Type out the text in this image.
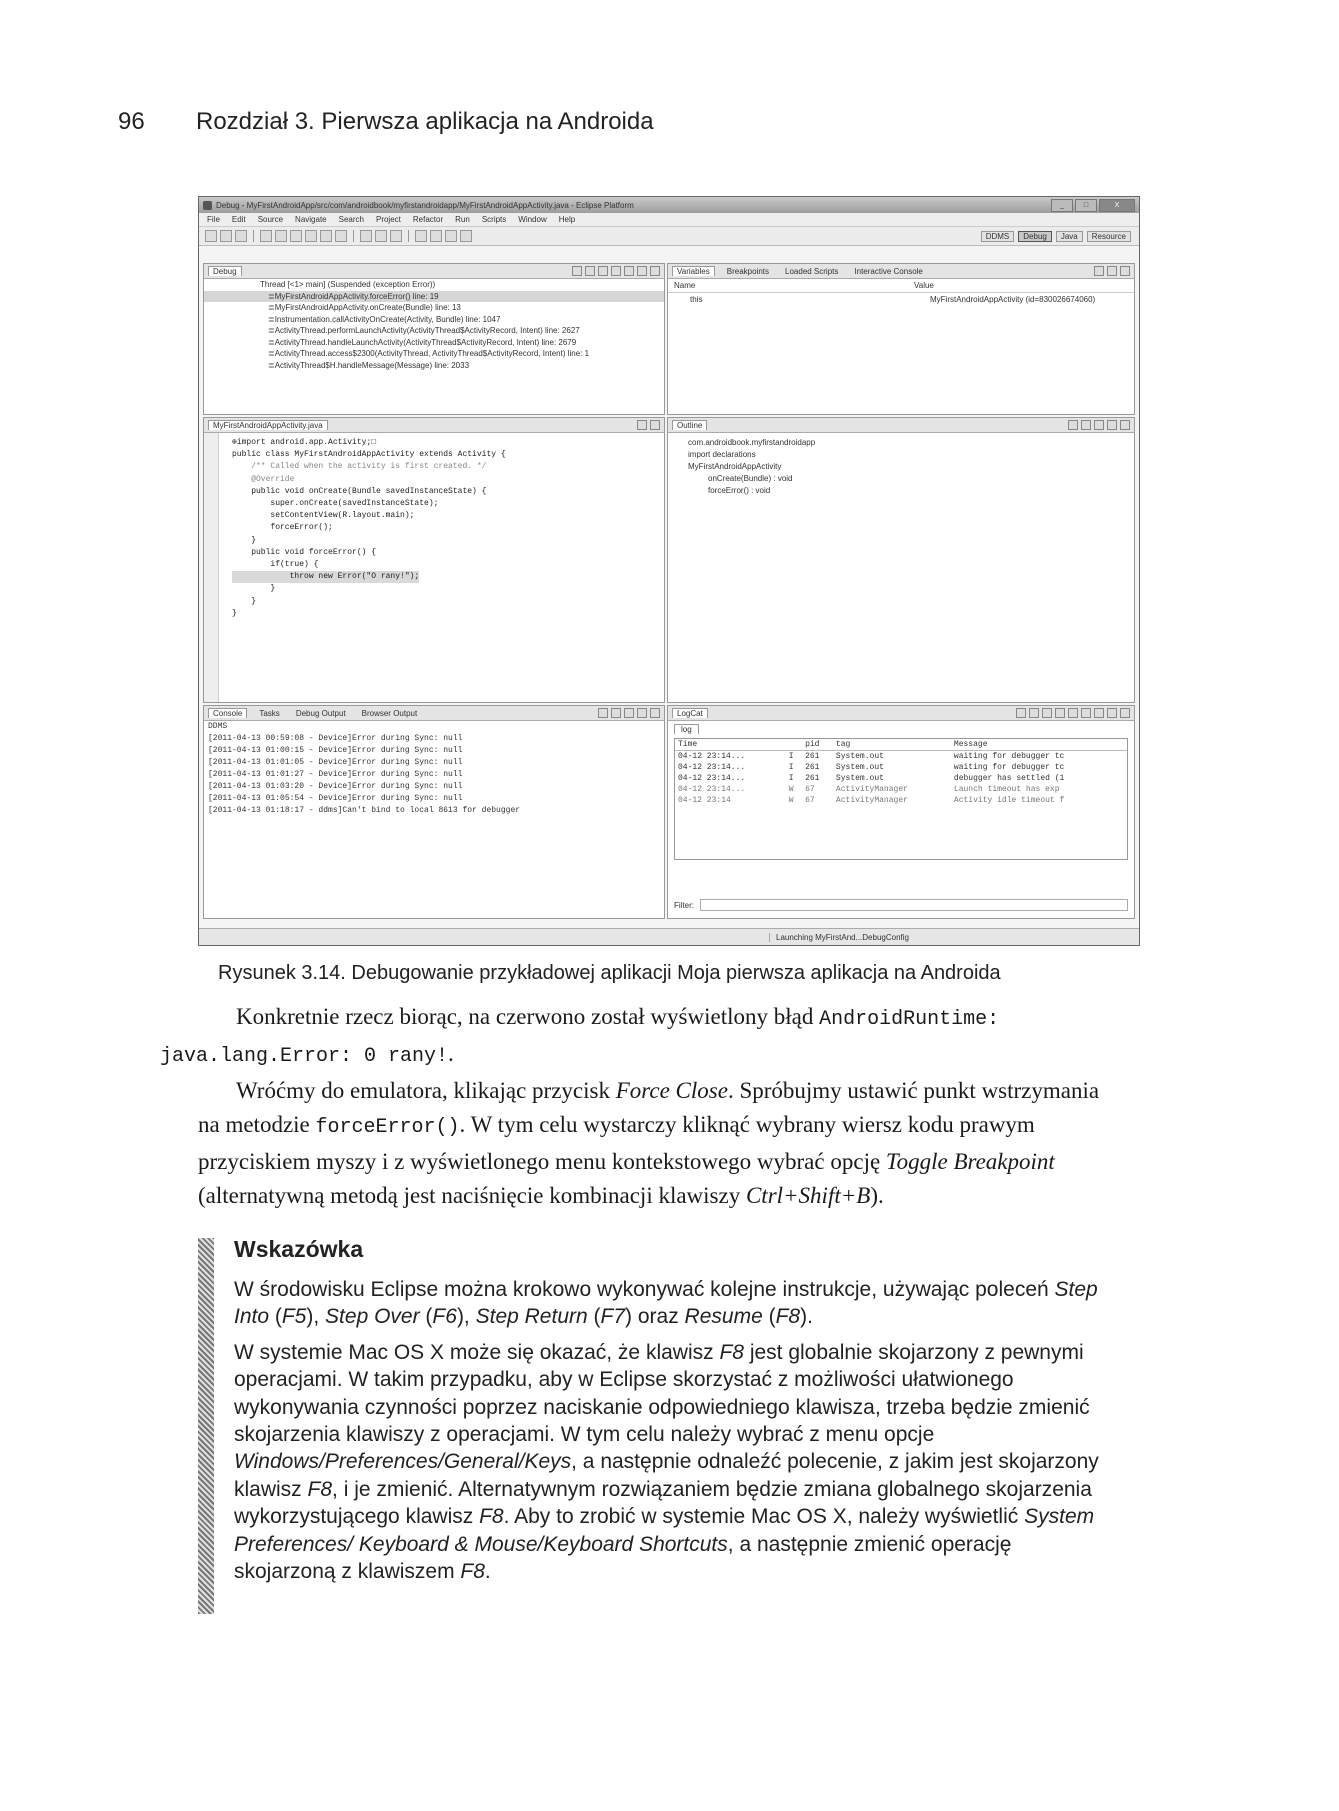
96 Rozdział 3. Pierwsza aplikacja na Androida
Debug - MyFirstAndroidApp/src/com/androidbook/myfirstandroidapp/MyFirstAndroidAppActivity.java - Eclipse Platform	_	□	X
File Edit Source Navigate Search Project Refactor Run Scripts Window Help
DDMS	Debug	Java	Resource
Debug
Thread [<1> main] (Suspended (exception Error))
≣ MyFirstAndroidAppActivity.forceError() line: 19
≣ MyFirstAndroidAppActivity.onCreate(Bundle) line: 13
≣ Instrumentation.callActivityOnCreate(Activity, Bundle) line: 1047
≣ ActivityThread.performLaunchActivity(ActivityThread$ActivityRecord, Intent) line: 2627
≣ ActivityThread.handleLaunchActivity(ActivityThread$ActivityRecord, Intent) line: 2679
≣ ActivityThread.access$2300(ActivityThread, ActivityThread$ActivityRecord, Intent) line: 1
≣ ActivityThread$H.handleMessage(Message) line: 2033
Variables	Breakpoints	Loaded Scripts	Interactive Console
Name	Value
this	MyFirstAndroidAppActivity (id=830026674060)
MyFirstAndroidAppActivity.java
⊕import android.app.Activity;□
public class MyFirstAndroidAppActivity extends Activity {
/** Called when the activity is first created. */
@Override
public void onCreate(Bundle savedInstanceState) {
super.onCreate(savedInstanceState);
setContentView(R.layout.main);
forceError();
}
public void forceError() {
if(true) {
throw new Error("O rany!");
}
}
}
Outline
com.androidbook.myfirstandroidapp
import declarations
MyFirstAndroidAppActivity
onCreate(Bundle) : void
forceError() : void
Console	Tasks	Debug Output	Browser Output
DDMS
[2011-04-13 00:59:08 - Device]Error during Sync: null
[2011-04-13 01:00:15 - Device]Error during Sync: null
[2011-04-13 01:01:05 - Device]Error during Sync: null
[2011-04-13 01:01:27 - Device]Error during Sync: null
[2011-04-13 01:03:20 - Device]Error during Sync: null
[2011-04-13 01:05:54 - Device]Error during Sync: null
[2011-04-13 01:18:17 - ddms]Can't bind to local 8613 for debugger
LogCat
log
Time		pid	tag	Message
04-12 23:14...	I	261	System.out	waiting for debugger tc
04-12 23:14...	I	261	System.out	waiting for debugger tc
04-12 23:14...	I	261	System.out	debugger has settled (1
04-12 23:14...	W	67	ActivityManager	Launch timeout has exp
04-12 23:14	W	67	ActivityManager	Activity idle timeout f
Filter:
Launching MyFirstAnd...DebugConfig
Rysunek 3.14. Debugowanie przykładowej aplikacji Moja pierwsza aplikacja na Androida

Konkretnie rzecz biorąc, na czerwono został wyświetlony błąd AndroidRuntime:
java.lang.Error: 0 rany!.

Wróćmy do emulatora, klikając przycisk Force Close. Spróbujmy ustawić punkt wstrzymania na metodzie forceError(). W tym celu wystarczy kliknąć wybrany wiersz kodu prawym przyciskiem myszy i z wyświetlonego menu kontekstowego wybrać opcję Toggle Breakpoint (alternatywną metodą jest naciśnięcie kombinacji klawiszy Ctrl+Shift+B).

Wskazówka

W środowisku Eclipse można krokowo wykonywać kolejne instrukcje, używając poleceń Step Into (F5), Step Over (F6), Step Return (F7) oraz Resume (F8).

W systemie Mac OS X może się okazać, że klawisz F8 jest globalnie skojarzony z pewnymi operacjami. W takim przypadku, aby w Eclipse skorzystać z możliwości ułatwionego wykonywania czynności poprzez naciskanie odpowiedniego klawisza, trzeba będzie zmienić skojarzenia klawiszy z operacjami. W tym celu należy wybrać z menu opcje Windows/Preferences/General/Keys, a następnie odnaleźć polecenie, z jakim jest skojarzony klawisz F8, i je zmienić. Alternatywnym rozwiązaniem będzie zmiana globalnego skojarzenia wykorzystującego klawisz F8. Aby to zrobić w systemie Mac OS X, należy wyświetlić System Preferences/ Keyboard & Mouse/Keyboard Shortcuts, a następnie zmienić operację skojarzoną z klawiszem F8.
